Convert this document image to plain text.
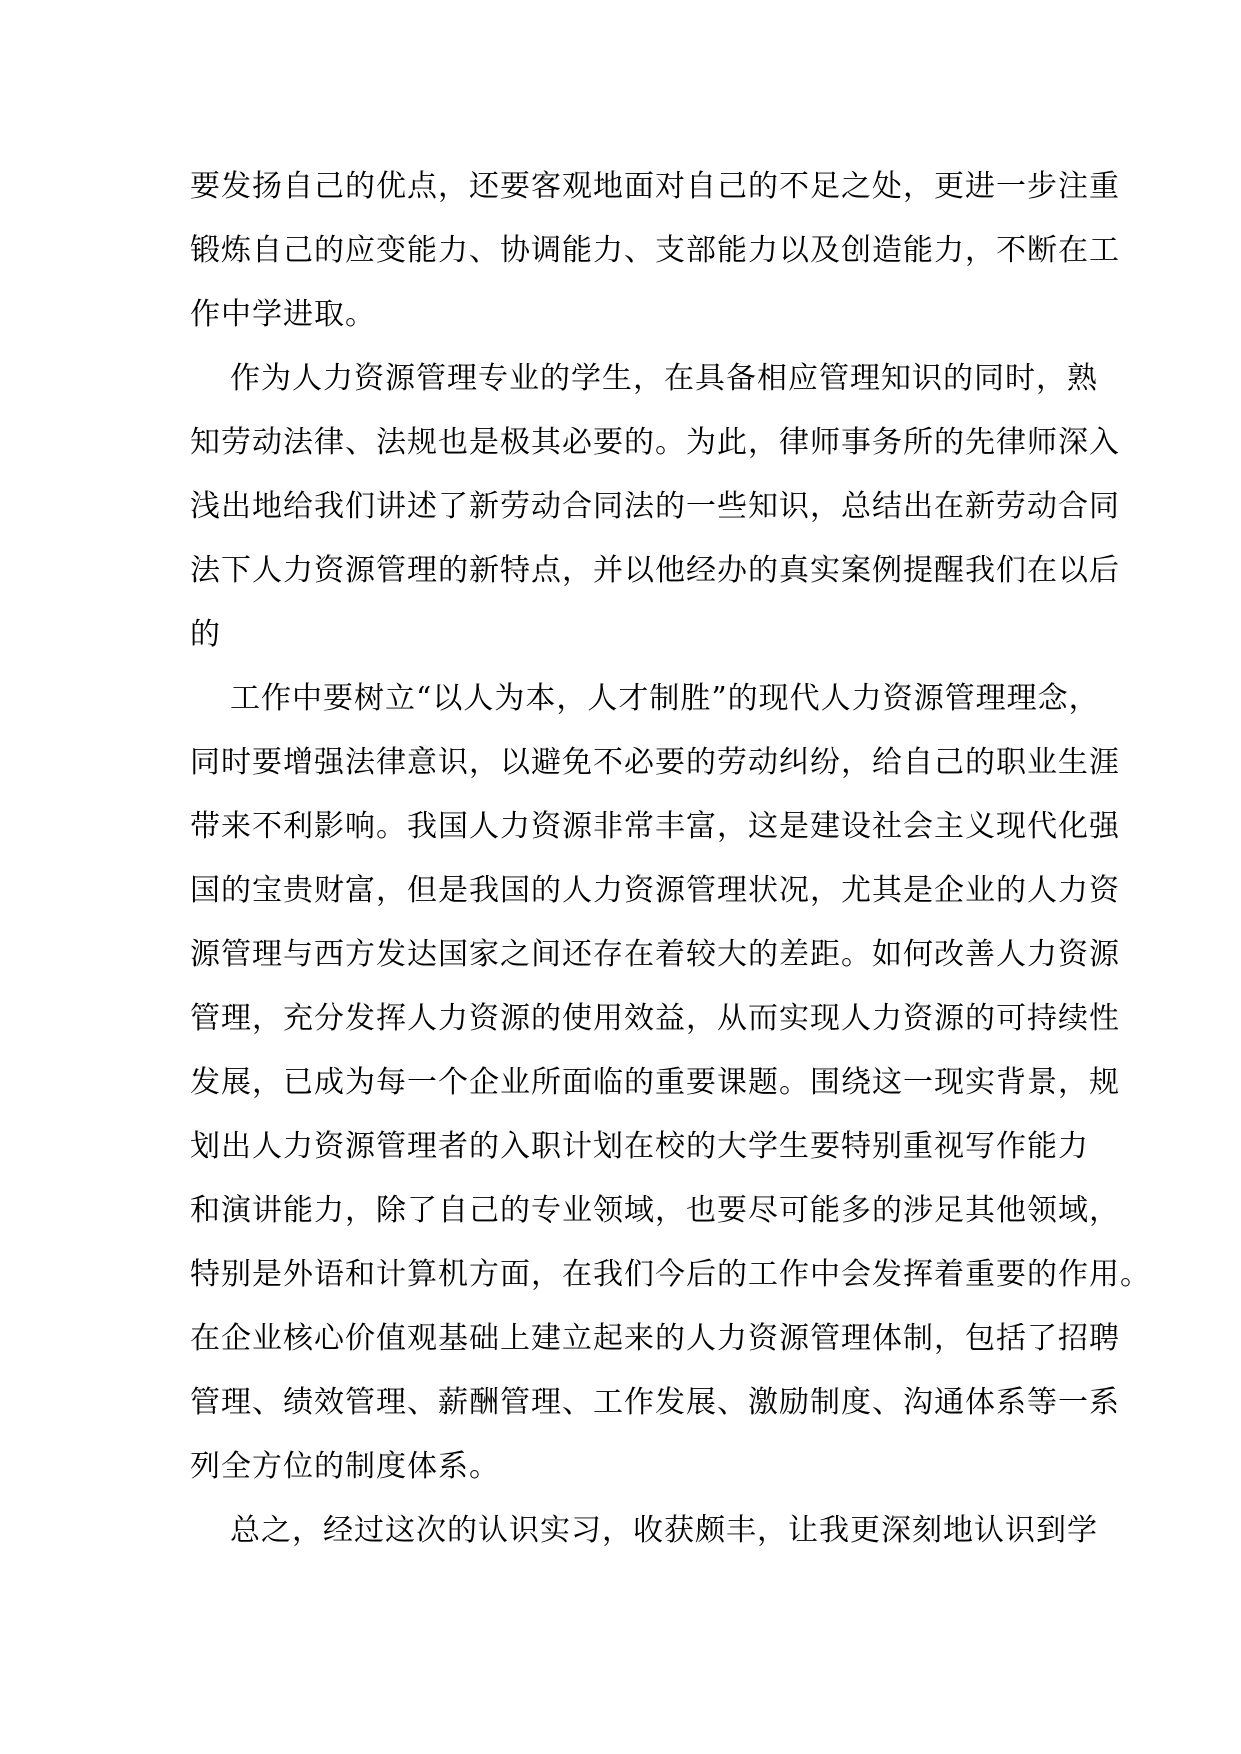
要发扬自己的优点，还要客观地面对自己的不足之处，更进一步注重
锻炼自己的应变能力、协调能力、支部能力以及创造能力，不断在工
作中学进取。
作为人力资源管理专业的学生，在具备相应管理知识的同时，熟
知劳动法律、法规也是极其必要的。为此，律师事务所的先律师深入
浅出地给我们讲述了新劳动合同法的一些知识，总结出在新劳动合同
法下人力资源管理的新特点，并以他经办的真实案例提醒我们在以后
的
工作中要树立“以人为本，人才制胜”的现代人力资源管理理念，
同时要增强法律意识，以避免不必要的劳动纠纷，给自己的职业生涯
带来不利影响。我国人力资源非常丰富，这是建设社会主义现代化强
国的宝贵财富，但是我国的人力资源管理状况，尤其是企业的人力资
源管理与西方发达国家之间还存在着较大的差距。如何改善人力资源
管理，充分发挥人力资源的使用效益，从而实现人力资源的可持续性
发展，已成为每一个企业所面临的重要课题。围绕这一现实背景，规
划出人力资源管理者的入职计划在校的大学生要特别重视写作能力
和演讲能力，除了自己的专业领域，也要尽可能多的涉足其他领域，
特别是外语和计算机方面，在我们今后的工作中会发挥着重要的作用。
在企业核心价值观基础上建立起来的人力资源管理体制，包括了招聘
管理、绩效管理、薪酬管理、工作发展、激励制度、沟通体系等一系
列全方位的制度体系。
总之，经过这次的认识实习，收获颇丰，让我更深刻地认识到学
